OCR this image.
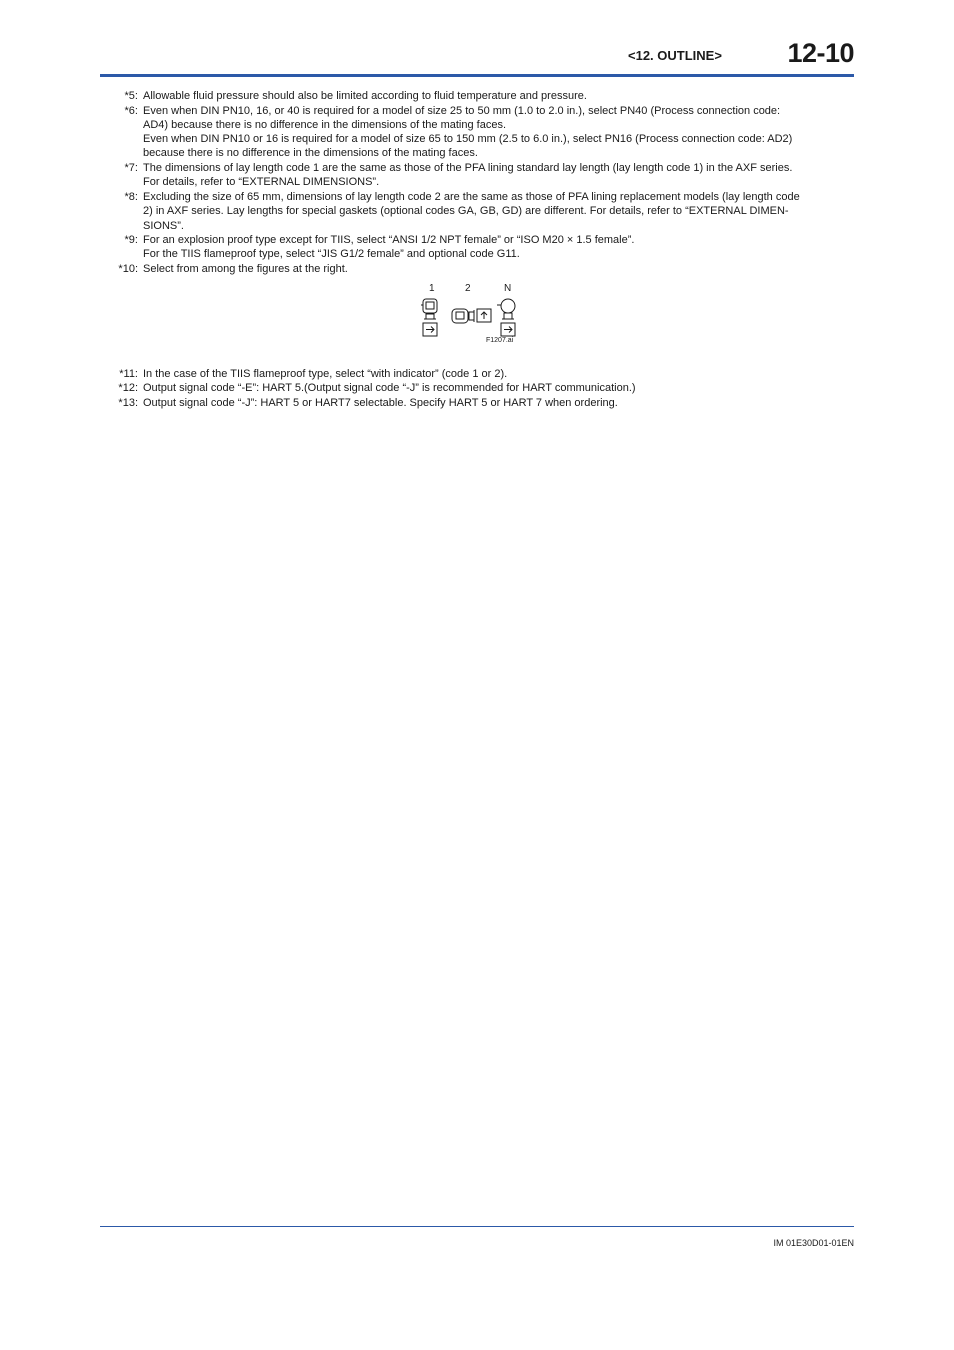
<12. OUTLINE> 12-10
*5: Allowable fluid pressure should also be limited according to fluid temperature and pressure.
*6: Even when DIN PN10, 16, or 40 is required for a model of size 25 to 50 mm (1.0 to 2.0 in.), select PN40 (Process connection code:
AD4) because there is no difference in the dimensions of the mating faces.
Even when DIN PN10 or 16 is required for a model of size 65 to 150 mm (2.5 to 6.0 in.), select PN16 (Process connection code: AD2)
because there is no difference in the dimensions of the mating faces.
*7: The dimensions of lay length code 1 are the same as those of the PFA lining standard lay length (lay length code 1) in the AXF series.
For details, refer to “EXTERNAL DIMENSIONS”.
*8: Excluding the size of 65 mm, dimensions of lay length code 2 are the same as those of PFA lining replacement models (lay length code
2) in AXF series. Lay lengths for special gaskets (optional codes GA, GB, GD) are different. For details, refer to “EXTERNAL DIMEN-
SIONS”.
*9: For an explosion proof type except for TIIS, select “ANSI 1/2 NPT female” or “ISO M20 × 1.5 female”.
For the TIIS flameproof type, select “JIS G1/2 female” and optional code G11.
*10: Select from among the figures at the right.
1	2	N
F1207.ai
*11: In the case of the TIIS flameproof type, select “with indicator” (code 1 or 2).
*12: Output signal code “-E”: HART 5.(Output signal code “-J” is recommended for HART communication.)
*13: Output signal code “-J”: HART 5 or HART7 selectable. Specify HART 5 or HART 7 when ordering.
IM 01E30D01-01EN
